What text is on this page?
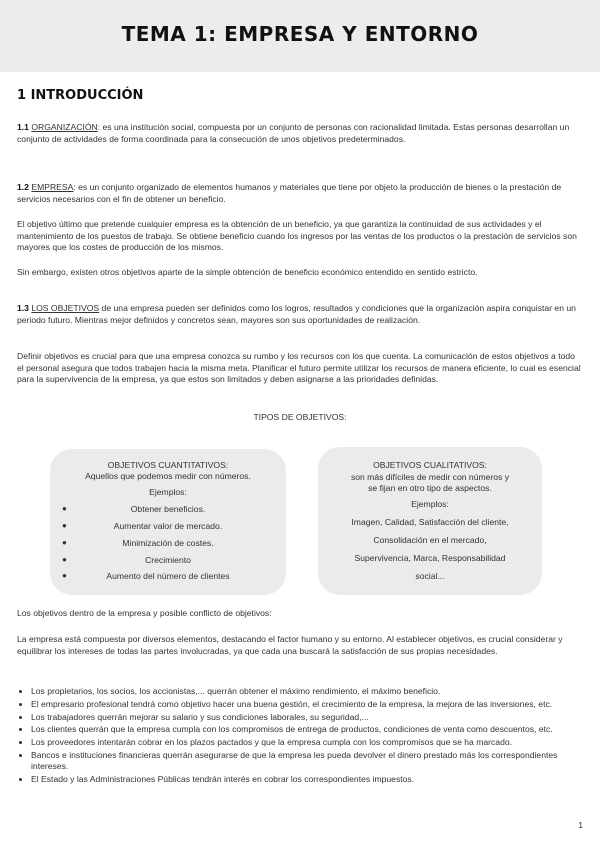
TEMA 1: EMPRESA Y ENTORNO
1 INTRODUCCIÓN
1.1 ORGANIZACIÓN: es una institución social, compuesta por un conjunto de personas con racionalidad limitada. Estas personas desarrollan un conjunto de actividades de forma coordinada para la consecución de unos objetivos predeterminados.
1.2 EMPRESA: es un conjunto organizado de elementos humanos y materiales que tiene por objeto la producción de bienes o la prestación de servicios necesarios con el fin de obtener un beneficio.
El objetivo último que pretende cualquier empresa es la obtención de un beneficio, ya que garantiza la continuidad de sus actividades y el mantenimiento de los puestos de trabajo. Se obtiene beneficio cuando los ingresos por las ventas de los productos o la prestación de servicios son mayores que los costes de producción de los mismos.
Sin embargo, existen otros objetivos aparte de la simple obtención de beneficio económico entendido en sentido estricto.
1.3 LOS OBJETIVOS de una empresa pueden ser definidos como los logros, resultados y condiciones que la organización aspira conquistar en un periodo futuro. Mientras mejor definidos y concretos sean, mayores son sus oportunidades de realización.
Definir objetivos es crucial para que una empresa conozca su rumbo y los recursos con los que cuenta. La comunicación de estos objetivos a todo el personal asegura que todos trabajen hacia la misma meta. Planificar el futuro permite utilizar los recursos de manera eficiente, lo cual es esencial para la supervivencia de la empresa, ya que estos son limitados y deben asignarse a las prioridades definidas.
TIPOS DE OBJETIVOS:
OBJETIVOS CUANTITATIVOS:
Aquellos que podemos medir con números.
Ejemplos:
●	Obtener beneficios.
●	Aumentar valor de mercado.
●	Minimización de costes.
●	Crecimiento
●	Aumento del número de clientes
OBJETIVOS CUALITATIVOS:
son más difíciles de medir con números y
se fijan en otro tipo de aspectos.
Ejemplos:
Imagen, Calidad, Satisfacción del cliente,
Consolidación en el mercado,
Supervivencia, Marca, Responsabilidad
social...
Los objetivos dentro de la empresa y posible conflicto de objetivos:
La empresa está compuesta por diversos elementos, destacando el factor humano y su entorno. Al establecer objetivos, es crucial considerar y equilibrar los intereses de todas las partes involucradas, ya que cada una buscará la satisfacción de sus propias necesidades.
• Los propietarios, los socios, los accionistas,... querrán obtener el máximo rendimiento, el máximo beneficio.
• El empresario profesional tendrá como objetivo hacer una buena gestión, el crecimiento de la empresa, la mejora de las inversiones, etc.
• Los trabajadores querrán mejorar su salario y sus condiciones laborales, su seguridad,...
• Los clientes querrán que la empresa cumpla con los compromisos de entrega de productos, condiciones de venta como descuentos, etc.
• Los proveedores intentarán cobrar en los plazos pactados y que la empresa cumpla con los compromisos que se ha marcado.
• Bancos e instituciones financieras querrán asegurarse de que la empresa les pueda devolver el dinero prestado más los correspondientes intereses.
• El Estado y las Administraciones Públicas tendrán interés en cobrar los correspondientes impuestos.
1
